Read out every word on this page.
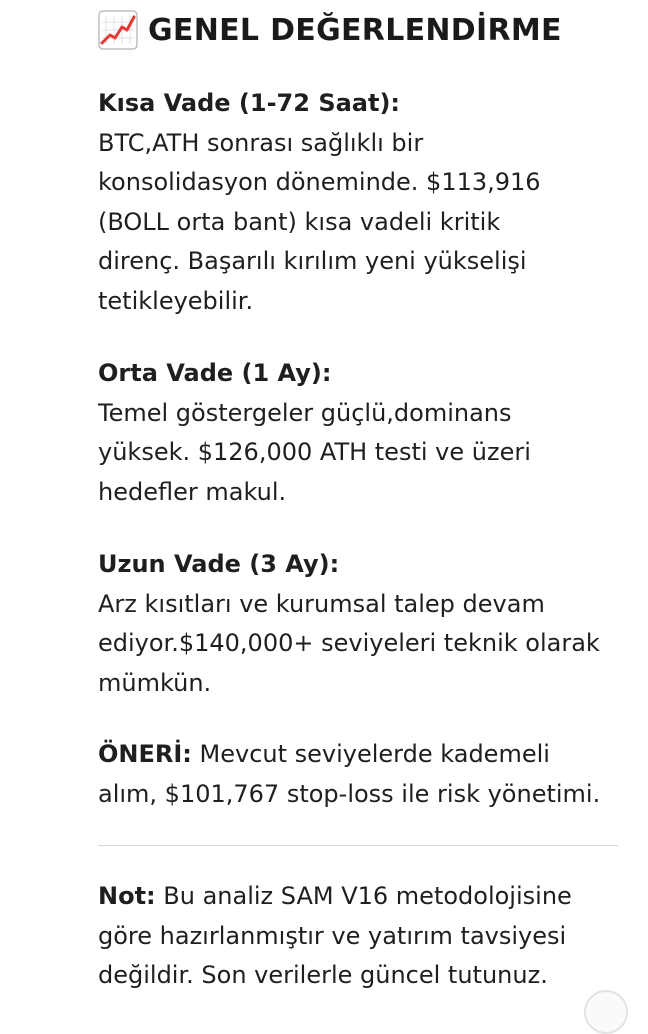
GENEL DEĞERLENDİRME
Kısa Vade (1-72 Saat):
BTC,ATH sonrası sağlıklı bir
konsolidasyon döneminde. $113,916
(BOLL orta bant) kısa vadeli kritik
direnç. Başarılı kırılım yeni yükselişi
tetikleyebilir.
Orta Vade (1 Ay):
Temel göstergeler güçlü,dominans
yüksek. $126,000 ATH testi ve üzeri
hedefler makul.
Uzun Vade (3 Ay):
Arz kısıtları ve kurumsal talep devam
ediyor.$140,000+ seviyeleri teknik olarak
mümkün.
ÖNERİ: Mevcut seviyelerde kademeli
alım, $101,767 stop-loss ile risk yönetimi.
Not: Bu analiz SAM V16 metodolojisine
göre hazırlanmıştır ve yatırım tavsiyesi
değildir. Son verilerle güncel tutunuz.
